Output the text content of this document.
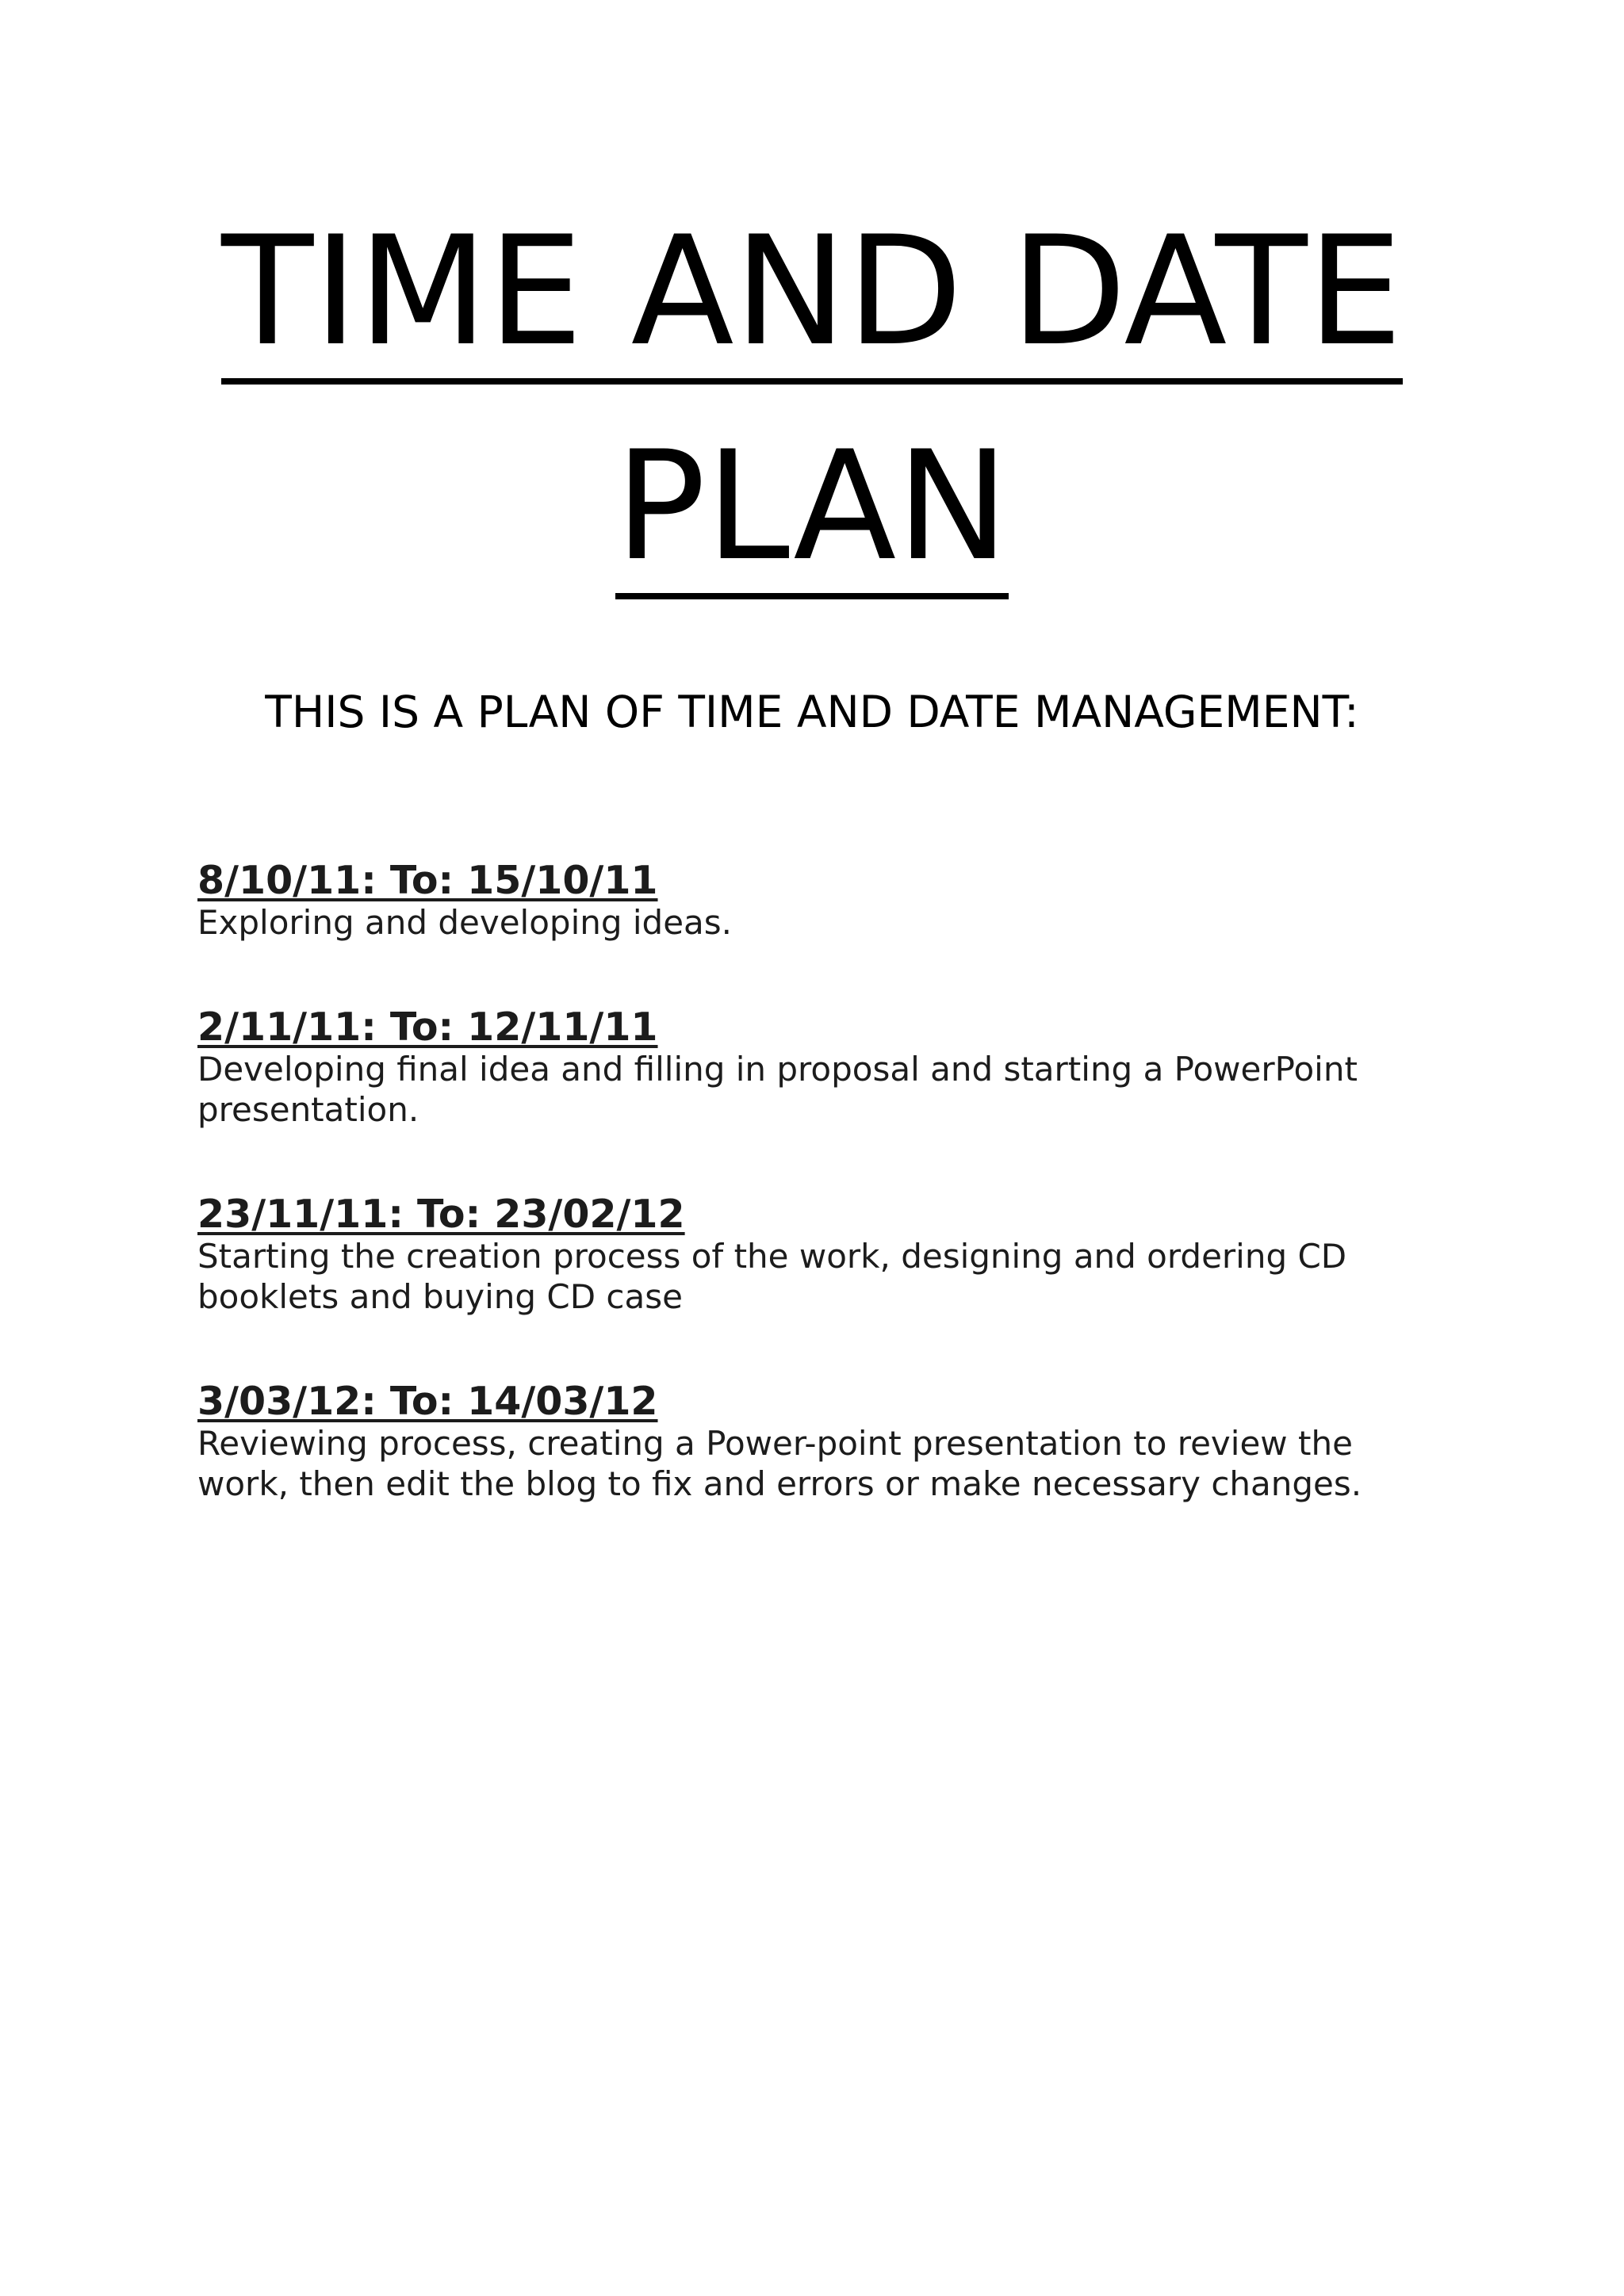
TIME AND DATE
PLAN

THIS IS A PLAN OF TIME AND DATE MANAGEMENT:

8/10/11: To: 15/10/11

Exploring and developing ideas.

2/11/11: To: 12/11/11

Developing final idea and filling in proposal and starting a PowerPoint presentation.

23/11/11: To: 23/02/12

Starting the creation process of the work, designing and ordering CD booklets and buying CD case

3/03/12: To: 14/03/12

Reviewing process, creating a Power-point presentation to review the work, then edit the blog to fix and errors or make necessary changes.
